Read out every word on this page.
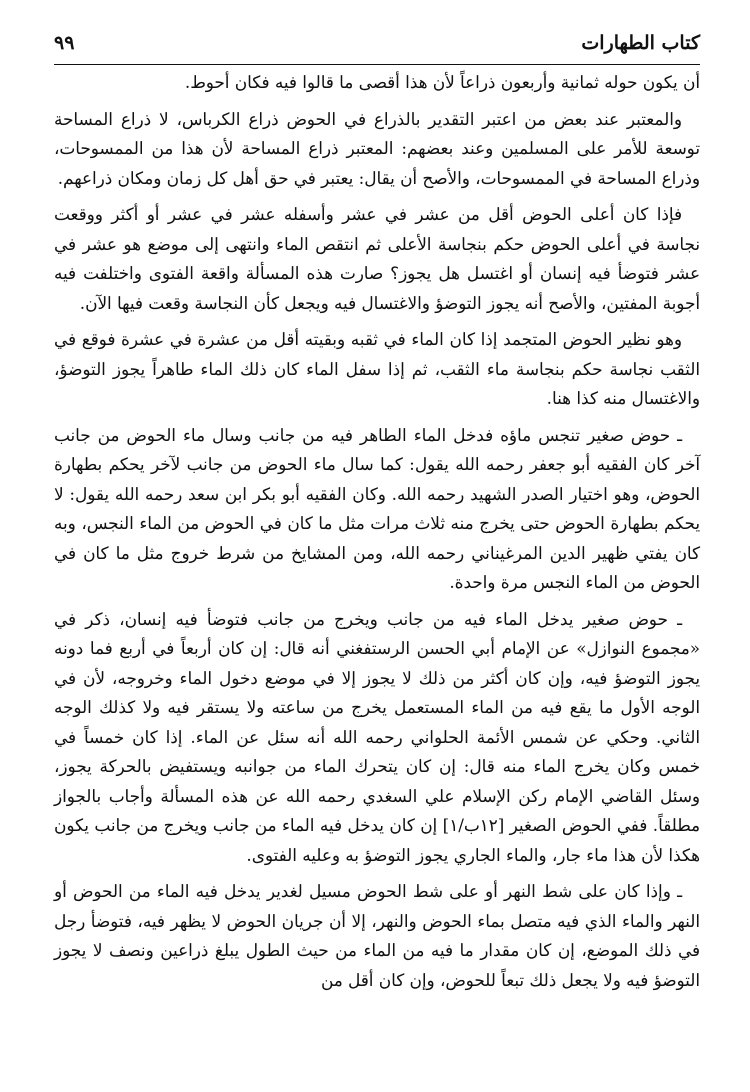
كتاب الطهارات
٩٩

أن يكون حوله ثمانية وأربعون ذراعاً لأن هذا أقصى ما قالوا فيه فكان أحوط.

والمعتبر عند بعض من اعتبر التقدير بالذراع في الحوض ذراع الكرباس، لا ذراع المساحة توسعة للأمر على المسلمين وعند بعضهم: المعتبر ذراع المساحة لأن هذا من الممسوحات، وذراع المساحة في الممسوحات، والأصح أن يقال: يعتبر في حق أهل كل زمان ومكان ذراعهم.

فإذا كان أعلى الحوض أقل من عشر في عشر وأسفله عشر في عشر أو أكثر ووقعت نجاسة في أعلى الحوض حكم بنجاسة الأعلى ثم انتقص الماء وانتهى إلى موضع هو عشر في عشر فتوضأ فيه إنسان أو اغتسل هل يجوز؟ صارت هذه المسألة واقعة الفتوى واختلفت فيه أجوبة المفتين، والأصح أنه يجوز التوضؤ والاغتسال فيه ويجعل كأن النجاسة وقعت فيها الآن.

وهو نظير الحوض المتجمد إذا كان الماء في ثقبه وبقيته أقل من عشرة في عشرة فوقع في الثقب نجاسة حكم بنجاسة ماء الثقب، ثم إذا سفل الماء كان ذلك الماء طاهراً يجوز التوضؤ، والاغتسال منه كذا هنا.

ـ حوض صغير تنجس ماؤه فدخل الماء الطاهر فيه من جانب وسال ماء الحوض من جانب آخر كان الفقيه أبو جعفر رحمه الله يقول: كما سال ماء الحوض من جانب لآخر يحكم بطهارة الحوض، وهو اختيار الصدر الشهيد رحمه الله. وكان الفقيه أبو بكر ابن سعد رحمه الله يقول: لا يحكم بطهارة الحوض حتى يخرج منه ثلاث مرات مثل ما كان في الحوض من الماء النجس، وبه كان يفتي ظهير الدين المرغيناني رحمه الله، ومن المشايخ من شرط خروج مثل ما كان في الحوض من الماء النجس مرة واحدة.

ـ حوض صغير يدخل الماء فيه من جانب ويخرج من جانب فتوضأ فيه إنسان، ذكر في «مجموع النوازل» عن الإمام أبي الحسن الرستفغني أنه قال: إن كان أربعاً في أربع فما دونه يجوز التوضؤ فيه، وإن كان أكثر من ذلك لا يجوز إلا في موضع دخول الماء وخروجه، لأن في الوجه الأول ما يقع فيه من الماء المستعمل يخرج من ساعته ولا يستقر فيه ولا كذلك الوجه الثاني. وحكي عن شمس الأئمة الحلواني رحمه الله أنه سئل عن الماء. إذا كان خمساً في خمس وكان يخرج الماء منه قال: إن كان يتحرك الماء من جوانبه ويستفيض بالحركة يجوز، وسئل القاضي الإمام ركن الإسلام علي السغدي رحمه الله عن هذه المسألة وأجاب بالجواز مطلقاً. ففي الحوض الصغير [١٢ب/١] إن كان يدخل فيه الماء من جانب ويخرج من جانب يكون هكذا لأن هذا ماء جار، والماء الجاري يجوز التوضؤ به وعليه الفتوى.

ـ وإذا كان على شط النهر أو على شط الحوض مسيل لغدير يدخل فيه الماء من الحوض أو النهر والماء الذي فيه متصل بماء الحوض والنهر، إلا أن جريان الحوض لا يظهر فيه، فتوضأ رجل في ذلك الموضع، إن كان مقدار ما فيه من الماء من حيث الطول يبلغ ذراعين ونصف لا يجوز التوضؤ فيه ولا يجعل ذلك تبعاً للحوض، وإن كان أقل من
